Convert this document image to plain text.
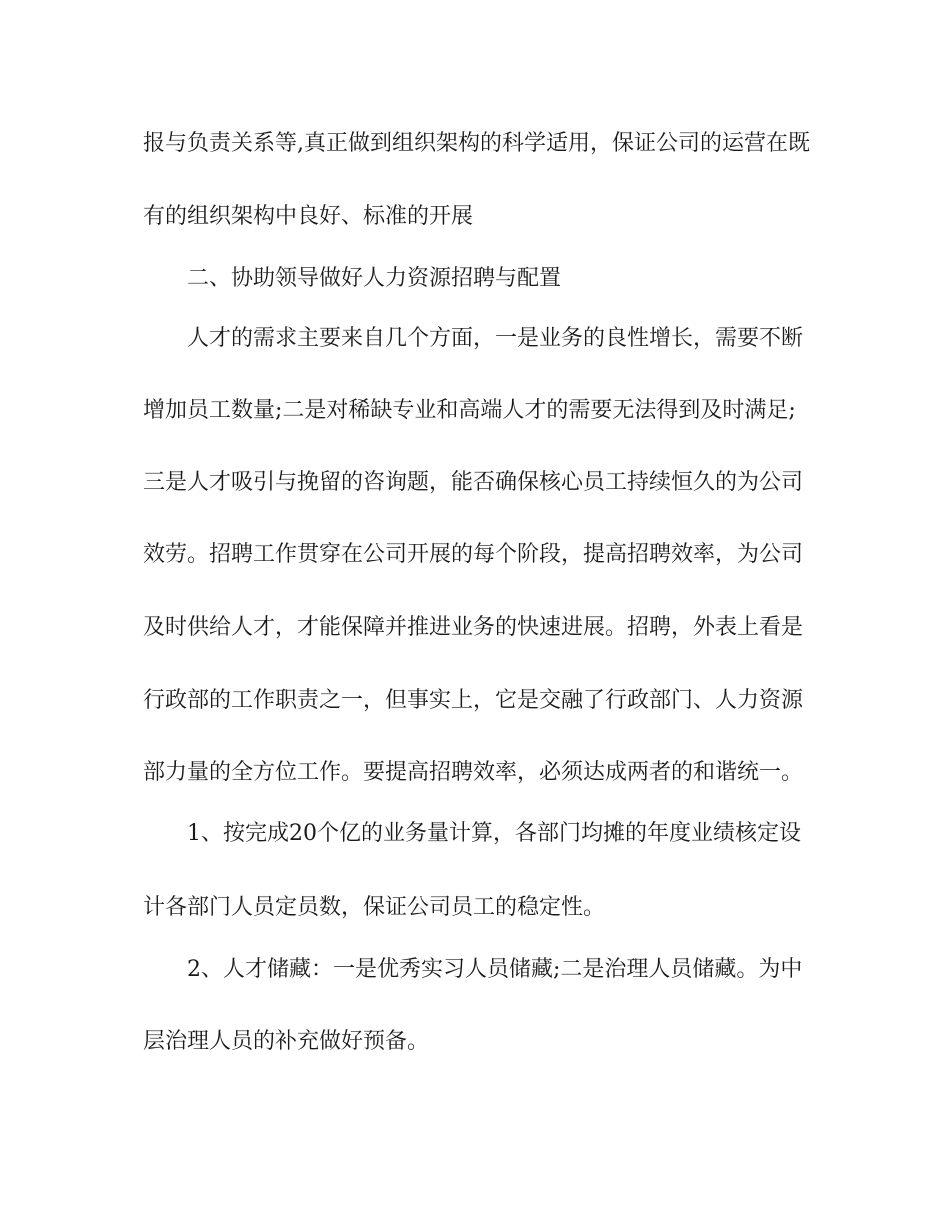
报与负责关系等,真正做到组织架构的科学适用，保证公司的运营在既
有的组织架构中良好、标准的开展
二、协助领导做好人力资源招聘与配置
人才的需求主要来自几个方面，一是业务的良性增长，需要不断
增加员工数量;二是对稀缺专业和高端人才的需要无法得到及时满足;
三是人才吸引与挽留的咨询题，能否确保核心员工持续恒久的为公司
效劳。招聘工作贯穿在公司开展的每个阶段，提高招聘效率，为公司
及时供给人才，才能保障并推进业务的快速进展。招聘，外表上看是
行政部的工作职责之一，但事实上，它是交融了行政部门、人力资源
部力量的全方位工作。要提高招聘效率，必须达成两者的和谐统一。
1、按完成20个亿的业务量计算，各部门均摊的年度业绩核定设
计各部门人员定员数，保证公司员工的稳定性。
2、人才储藏：一是优秀实习人员储藏;二是治理人员储藏。为中
层治理人员的补充做好预备。
